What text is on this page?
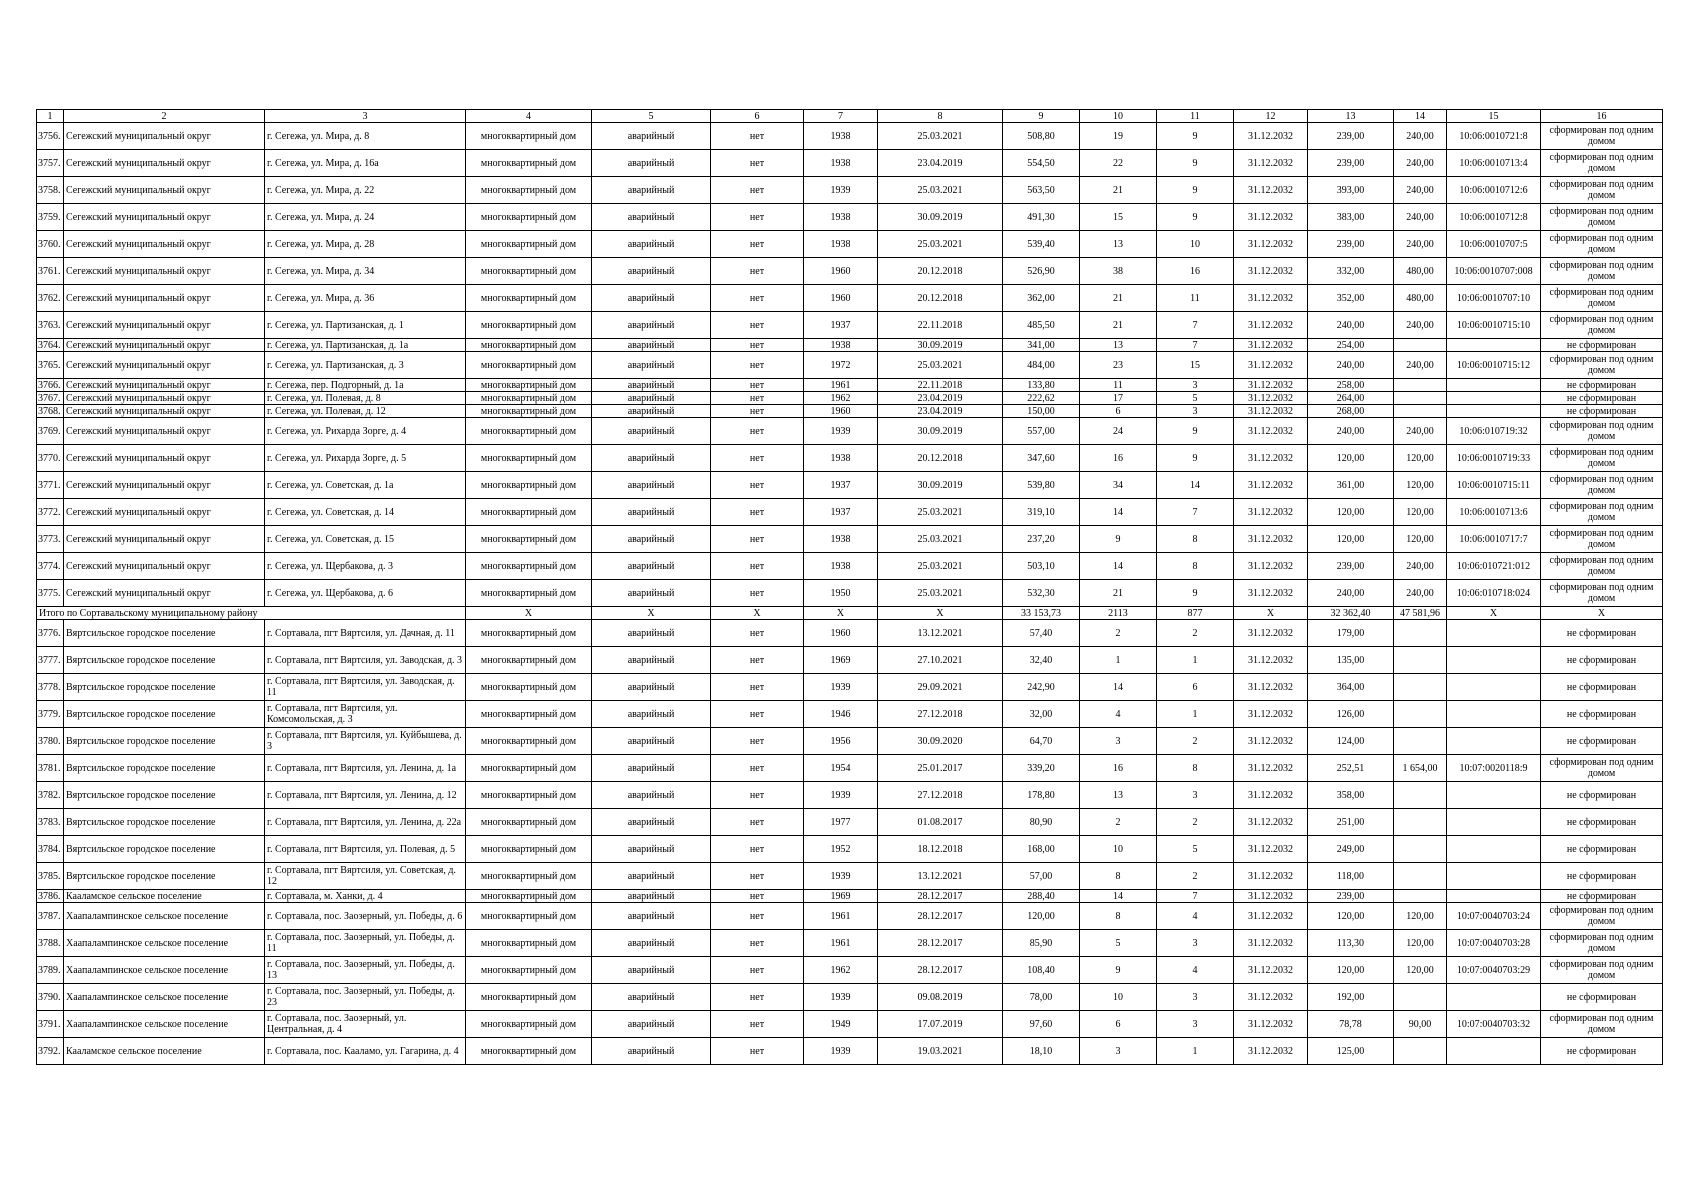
1	2	3	4	5	6	7	8	9	10	11	12	13	14	15	16
3756.	Сегежский муниципальный округ	г. Сегежа, ул. Мира, д. 8	многоквартирный дом	аварийный	нет	1938	25.03.2021	508,80	19	9	31.12.2032	239,00	240,00	10:06:0010721:8	сформирован под одним домом
3757.	Сегежский муниципальный округ	г. Сегежа, ул. Мира, д. 16а	многоквартирный дом	аварийный	нет	1938	23.04.2019	554,50	22	9	31.12.2032	239,00	240,00	10:06:0010713:4	сформирован под одним домом
3758.	Сегежский муниципальный округ	г. Сегежа, ул. Мира, д. 22	многоквартирный дом	аварийный	нет	1939	25.03.2021	563,50	21	9	31.12.2032	393,00	240,00	10:06:0010712:6	сформирован под одним домом
3759.	Сегежский муниципальный округ	г. Сегежа, ул. Мира, д. 24	многоквартирный дом	аварийный	нет	1938	30.09.2019	491,30	15	9	31.12.2032	383,00	240,00	10:06:0010712:8	сформирован под одним домом
3760.	Сегежский муниципальный округ	г. Сегежа, ул. Мира, д. 28	многоквартирный дом	аварийный	нет	1938	25.03.2021	539,40	13	10	31.12.2032	239,00	240,00	10:06:0010707:5	сформирован под одним домом
3761.	Сегежский муниципальный округ	г. Сегежа, ул. Мира, д. 34	многоквартирный дом	аварийный	нет	1960	20.12.2018	526,90	38	16	31.12.2032	332,00	480,00	10:06:0010707:008	сформирован под одним домом
3762.	Сегежский муниципальный округ	г. Сегежа, ул. Мира, д. 36	многоквартирный дом	аварийный	нет	1960	20.12.2018	362,00	21	11	31.12.2032	352,00	480,00	10:06:0010707:10	сформирован под одним домом
3763.	Сегежский муниципальный округ	г. Сегежа, ул. Партизанская, д. 1	многоквартирный дом	аварийный	нет	1937	22.11.2018	485,50	21	7	31.12.2032	240,00	240,00	10:06:0010715:10	сформирован под одним домом
3764.	Сегежский муниципальный округ	г. Сегежа, ул. Партизанская, д. 1а	многоквартирный дом	аварийный	нет	1938	30.09.2019	341,00	13	7	31.12.2032	254,00			не сформирован
3765.	Сегежский муниципальный округ	г. Сегежа, ул. Партизанская, д. 3	многоквартирный дом	аварийный	нет	1972	25.03.2021	484,00	23	15	31.12.2032	240,00	240,00	10:06:0010715:12	сформирован под одним домом
3766.	Сегежский муниципальный округ	г. Сегежа, пер. Подгорный, д. 1а	многоквартирный дом	аварийный	нет	1961	22.11.2018	133,80	11	3	31.12.2032	258,00			не сформирован
3767.	Сегежский муниципальный округ	г. Сегежа, ул. Полевая, д. 8	многоквартирный дом	аварийный	нет	1962	23.04.2019	222,62	17	5	31.12.2032	264,00			не сформирован
3768.	Сегежский муниципальный округ	г. Сегежа, ул. Полевая, д. 12	многоквартирный дом	аварийный	нет	1960	23.04.2019	150,00	6	3	31.12.2032	268,00			не сформирован
3769.	Сегежский муниципальный округ	г. Сегежа, ул. Рихарда Зорге, д. 4	многоквартирный дом	аварийный	нет	1939	30.09.2019	557,00	24	9	31.12.2032	240,00	240,00	10:06:010719:32	сформирован под одним домом
3770.	Сегежский муниципальный округ	г. Сегежа, ул. Рихарда Зорге, д. 5	многоквартирный дом	аварийный	нет	1938	20.12.2018	347,60	16	9	31.12.2032	120,00	120,00	10:06:0010719:33	сформирован под одним домом
3771.	Сегежский муниципальный округ	г. Сегежа, ул. Советская, д. 1а	многоквартирный дом	аварийный	нет	1937	30.09.2019	539,80	34	14	31.12.2032	361,00	120,00	10:06:0010715:11	сформирован под одним домом
3772.	Сегежский муниципальный округ	г. Сегежа, ул. Советская, д. 14	многоквартирный дом	аварийный	нет	1937	25.03.2021	319,10	14	7	31.12.2032	120,00	120,00	10:06:0010713:6	сформирован под одним домом
3773.	Сегежский муниципальный округ	г. Сегежа, ул. Советская, д. 15	многоквартирный дом	аварийный	нет	1938	25.03.2021	237,20	9	8	31.12.2032	120,00	120,00	10:06:0010717:7	сформирован под одним домом
3774.	Сегежский муниципальный округ	г. Сегежа, ул. Щербакова, д. 3	многоквартирный дом	аварийный	нет	1938	25.03.2021	503,10	14	8	31.12.2032	239,00	240,00	10:06:010721:012	сформирован под одним домом
3775.	Сегежский муниципальный округ	г. Сегежа, ул. Щербакова, д. 6	многоквартирный дом	аварийный	нет	1950	25.03.2021	532,30	21	9	31.12.2032	240,00	240,00	10:06:010718:024	сформирован под одним домом
Итого по Сортавальскому муниципальному району			X	X	X	X	X	33 153,73	2113	877	X	32 362,40	47 581,96	X	X
3776.	Вяртсильское городское поселение	г. Сортавала, пгт Вяртсиля, ул. Дачная, д. 11	многоквартирный дом	аварийный	нет	1960	13.12.2021	57,40	2	2	31.12.2032	179,00			не сформирован
3777.	Вяртсильское городское поселение	г. Сортавала, пгт Вяртсиля, ул. Заводская, д. 3	многоквартирный дом	аварийный	нет	1969	27.10.2021	32,40	1	1	31.12.2032	135,00			не сформирован
3778.	Вяртсильское городское поселение	г. Сортавала, пгт Вяртсиля, ул. Заводская, д. 11	многоквартирный дом	аварийный	нет	1939	29.09.2021	242,90	14	6	31.12.2032	364,00			не сформирован
3779.	Вяртсильское городское поселение	г. Сортавала, пгт Вяртсиля, ул. Комсомольская, д. 3	многоквартирный дом	аварийный	нет	1946	27.12.2018	32,00	4	1	31.12.2032	126,00			не сформирован
3780.	Вяртсильское городское поселение	г. Сортавала, пгт Вяртсиля, ул. Куйбышева, д. 3	многоквартирный дом	аварийный	нет	1956	30.09.2020	64,70	3	2	31.12.2032	124,00			не сформирован
3781.	Вяртсильское городское поселение	г. Сортавала, пгт Вяртсиля, ул. Ленина, д. 1а	многоквартирный дом	аварийный	нет	1954	25.01.2017	339,20	16	8	31.12.2032	252,51	1 654,00	10:07:0020118:9	сформирован под одним домом
3782.	Вяртсильское городское поселение	г. Сортавала, пгт Вяртсиля, ул. Ленина, д. 12	многоквартирный дом	аварийный	нет	1939	27.12.2018	178,80	13	3	31.12.2032	358,00			не сформирован
3783.	Вяртсильское городское поселение	г. Сортавала, пгт Вяртсиля, ул. Ленина, д. 22а	многоквартирный дом	аварийный	нет	1977	01.08.2017	80,90	2	2	31.12.2032	251,00			не сформирован
3784.	Вяртсильское городское поселение	г. Сортавала, пгт Вяртсиля, ул. Полевая, д. 5	многоквартирный дом	аварийный	нет	1952	18.12.2018	168,00	10	5	31.12.2032	249,00			не сформирован
3785.	Вяртсильское городское поселение	г. Сортавала, пгт Вяртсиля, ул. Советская, д. 12	многоквартирный дом	аварийный	нет	1939	13.12.2021	57,00	8	2	31.12.2032	118,00			не сформирован
3786.	Кааламское сельское поселение	г. Сортавала, м. Ханки, д. 4	многоквартирный дом	аварийный	нет	1969	28.12.2017	288,40	14	7	31.12.2032	239,00			не сформирован
3787.	Хаапалампинское сельское поселение	г. Сортавала, пос. Заозерный, ул. Победы, д. 6	многоквартирный дом	аварийный	нет	1961	28.12.2017	120,00	8	4	31.12.2032	120,00	120,00	10:07:0040703:24	сформирован под одним домом
3788.	Хаапалампинское сельское поселение	г. Сортавала, пос. Заозерный, ул. Победы, д. 11	многоквартирный дом	аварийный	нет	1961	28.12.2017	85,90	5	3	31.12.2032	113,30	120,00	10:07:0040703:28	сформирован под одним домом
3789.	Хаапалампинское сельское поселение	г. Сортавала, пос. Заозерный, ул. Победы, д. 13	многоквартирный дом	аварийный	нет	1962	28.12.2017	108,40	9	4	31.12.2032	120,00	120,00	10:07:0040703:29	сформирован под одним домом
3790.	Хаапалампинское сельское поселение	г. Сортавала, пос. Заозерный, ул. Победы, д. 23	многоквартирный дом	аварийный	нет	1939	09.08.2019	78,00	10	3	31.12.2032	192,00			не сформирован
3791.	Хаапалампинское сельское поселение	г. Сортавала, пос. Заозерный, ул. Центральная, д. 4	многоквартирный дом	аварийный	нет	1949	17.07.2019	97,60	6	3	31.12.2032	78,78	90,00	10:07:0040703:32	сформирован под одним домом
3792.	Кааламское сельское поселение	г. Сортавала, пос. Кааламо, ул. Гагарина, д. 4	многоквартирный дом	аварийный	нет	1939	19.03.2021	18,10	3	1	31.12.2032	125,00			не сформирован
